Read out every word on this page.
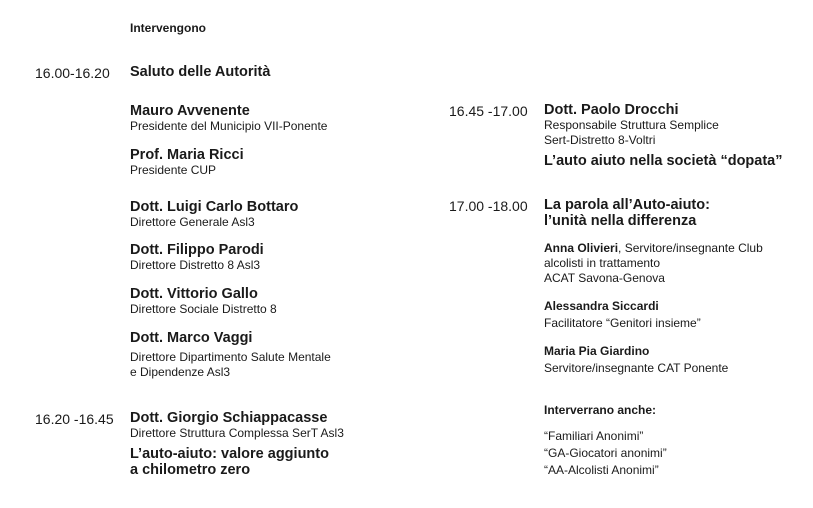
Intervengono
16.00-16.20 Saluto delle Autorità
Mauro Avvenente
Presidente del Municipio VII-Ponente
Prof. Maria Ricci
Presidente CUP
Dott. Luigi Carlo Bottaro
Direttore Generale Asl3
Dott. Filippo Parodi
Direttore Distretto 8 Asl3
Dott. Vittorio Gallo
Direttore Sociale Distretto 8
Dott. Marco Vaggi
Direttore Dipartimento Salute Mentale
e Dipendenze Asl3
16.20 -16.45 Dott. Giorgio Schiappacasse
Direttore Struttura Complessa SerT Asl3
L’auto-aiuto: valore aggiunto
a chilometro zero
16.45 -17.00 Dott. Paolo Drocchi
Responsabile Struttura Semplice
Sert-Distretto 8-Voltri
L’auto aiuto nella società “dopata”
17.00 -18.00 La parola all’Auto-aiuto:
l’unità nella differenza
Anna Olivieri, Servitore/insegnante Club
alcolisti in trattamento
ACAT Savona-Genova
Alessandra Siccardi
Facilitatore “Genitori insieme”
Maria Pia Giardino
Servitore/insegnante CAT Ponente
Interverrano anche:
“Familiari Anonimi”
“GA-Giocatori anonimi”
“AA-Alcolisti Anonimi”
